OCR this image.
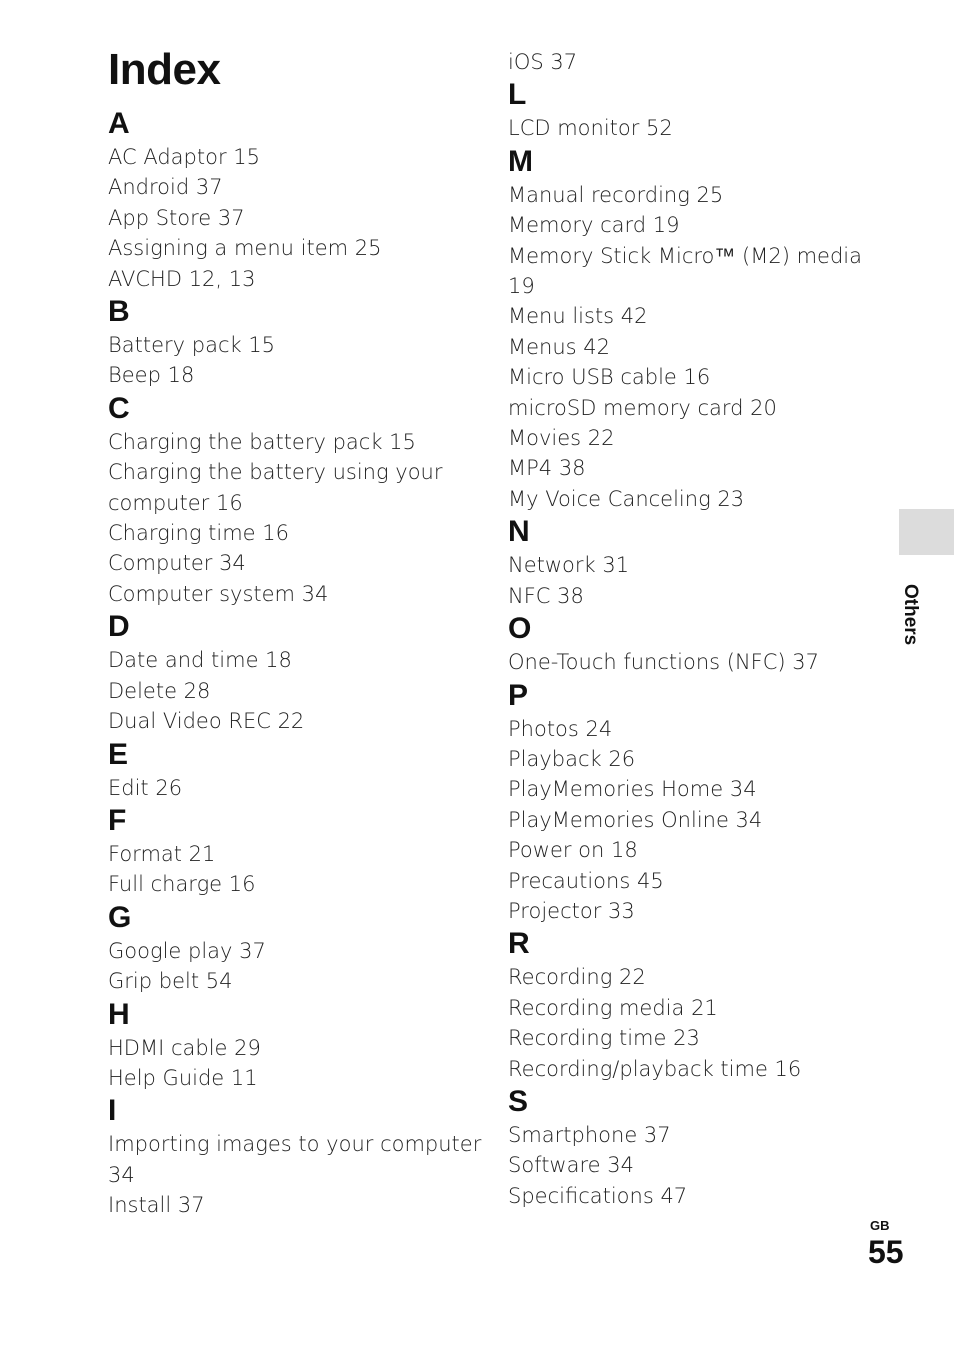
Index
A
AC Adaptor 15
Android 37
App Store 37
Assigning a menu item 25
AVCHD 12, 13
B
Battery pack 15
Beep 18
C
Charging the battery pack 15
Charging the battery using your computer 16
Charging time 16
Computer 34
Computer system 34
D
Date and time 18
Delete 28
Dual Video REC 22
E
Edit 26
F
Format 21
Full charge 16
G
Google play 37
Grip belt 54
H
HDMI cable 29
Help Guide 11
I
Importing images to your computer 34
Install 37
iOS 37
L
LCD monitor 52
M
Manual recording 25
Memory card 19
Memory Stick Micro™ (M2) media 19
Menu lists 42
Menus 42
Micro USB cable 16
microSD memory card 20
Movies 22
MP4 38
My Voice Canceling 23
N
Network 31
NFC 38
O
One-Touch functions (NFC) 37
P
Photos 24
Playback 26
PlayMemories Home 34
PlayMemories Online 34
Power on 18
Precautions 45
Projector 33
R
Recording 22
Recording media 21
Recording time 23
Recording/playback time 16
S
Smartphone 37
Software 34
Specifications 47
Others
GB
55
